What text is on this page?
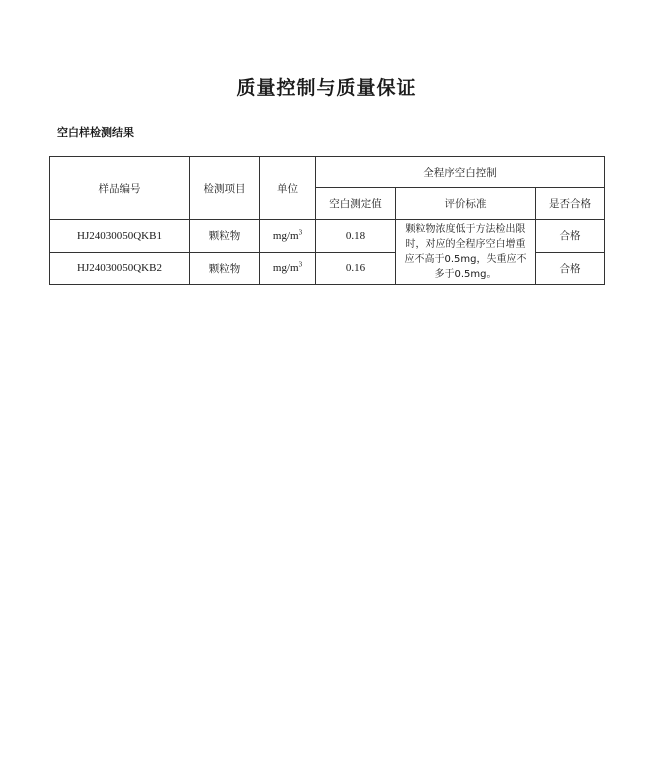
质量控制与质量保证
空白样检测结果
样品编号	检测项目	单位	全程序空白控制		
			空白测定值	评价标准	是否合格
HJ24030050QKB1	颗粒物	$mg/m^3$	0.18	颗粒物浓度低于方法检出限时，对应的全程序空白增重应不高于0.5mg，失重应不多于0.5mg。	合格
HJ24030050QKB2	颗粒物	$mg/m^3$	0.16		合格
